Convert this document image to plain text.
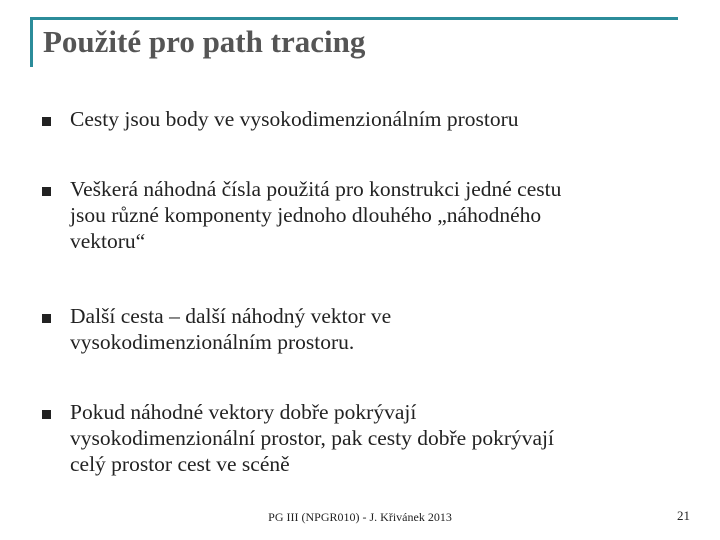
Použité pro path tracing
Cesty jsou body ve vysokodimenzionálním prostoru
Veškerá náhodná čísla použitá pro konstrukci jedné cestu
jsou různé komponenty jednoho dlouhého „náhodného
vektoru“
Další cesta – další náhodný vektor ve
vysokodimenzionálním prostoru.
Pokud náhodné vektory dobře pokrývají
vysokodimenzionální prostor, pak cesty dobře pokrývají
celý prostor cest ve scéně
PG III (NPGR010) - J. Křivánek 2013	21
